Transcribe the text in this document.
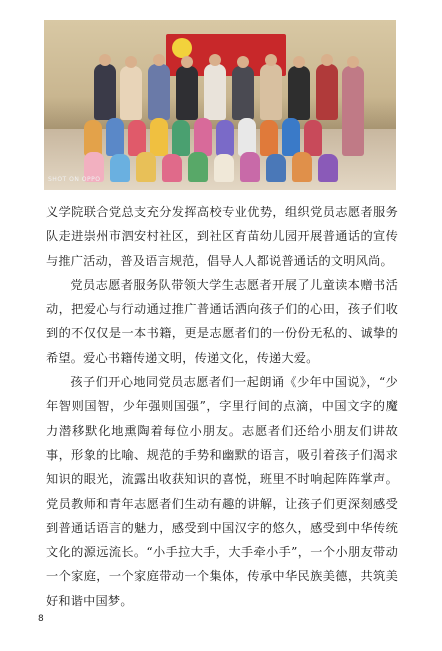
SHOT ON OPPO

义学院联合党总支充分发挥高校专业优势，组织党员志愿者服务队走进崇州市泗安村社区，到社区育苗幼儿园开展普通话的宣传与推广活动，普及语言规范，倡导人人都说普通话的文明风尚。

党员志愿者服务队带领大学生志愿者开展了儿童读本赠书活动，把爱心与行动通过推广普通话洒向孩子们的心田，孩子们收到的不仅仅是一本书籍，更是志愿者们的一份份无私的、诚挚的希望。爱心书籍传递文明，传递文化，传递大爱。

孩子们开心地同党员志愿者们一起朗诵《少年中国说》，“少年智则国智，少年强则国强”，字里行间的点滴，中国文字的魔力潜移默化地熏陶着每位小朋友。志愿者们还给小朋友们讲故事，形象的比喻、规范的手势和幽默的语言，吸引着孩子们渴求知识的眼光，流露出收获知识的喜悦，班里不时响起阵阵掌声。党员教师和青年志愿者们生动有趣的讲解，让孩子们更深刻感受到普通话语言的魅力，感受到中国汉字的悠久，感受到中华传统文化的源远流长。“小手拉大手，大手牵小手”，一个小朋友带动一个家庭，一个家庭带动一个集体，传承中华民族美德，共筑美好和谐中国梦。

8
